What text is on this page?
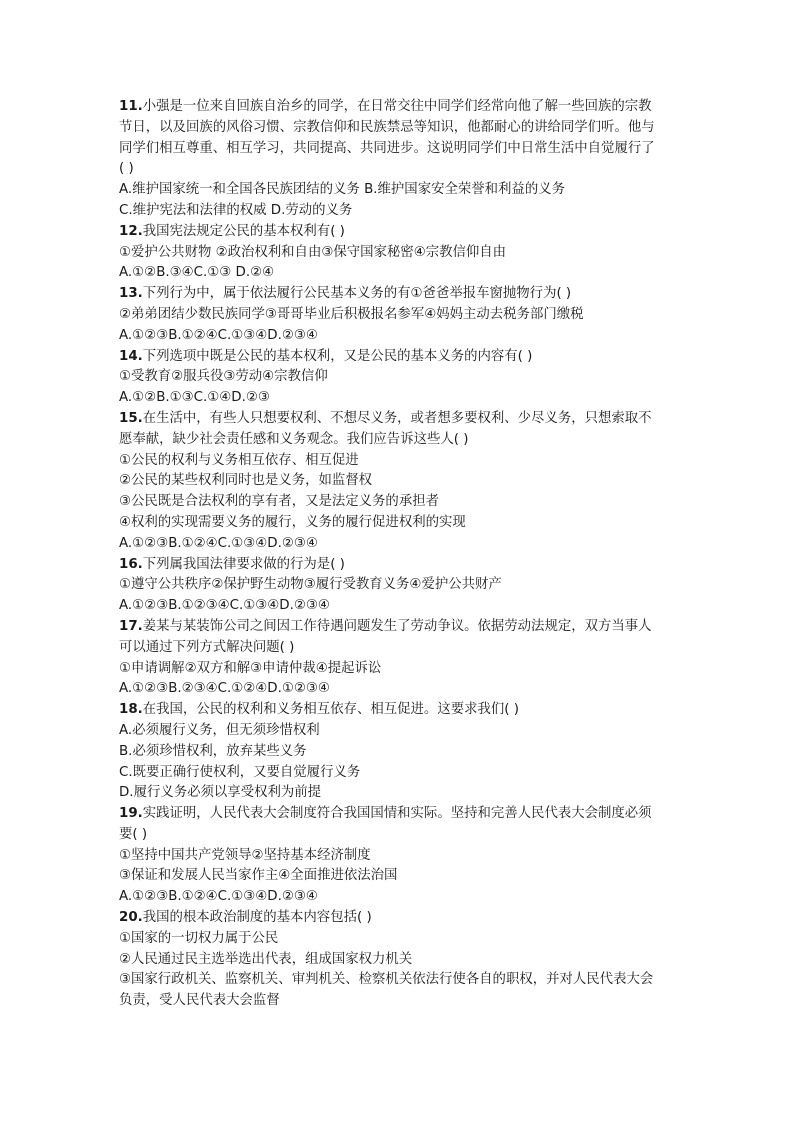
11.小强是一位来自回族自治乡的同学，在日常交往中同学们经常向他了解一些回族的宗教
节日，以及回族的风俗习惯、宗教信仰和民族禁忌等知识，他都耐心的讲给同学们听。他与
同学们相互尊重、相互学习，共同提高、共同进步。这说明同学们中日常生活中自觉履行了
( )
A.维护国家统一和全国各民族团结的义务 B.维护国家安全荣誉和利益的义务
C.维护宪法和法律的权威 D.劳动的义务
12.我国宪法规定公民的基本权利有( )
①爱护公共财物 ②政治权利和自由③保守国家秘密④宗教信仰自由
A.①②B.③④C.①③ D.②④
13.下列行为中，属于依法履行公民基本义务的有①爸爸举报车窗抛物行为( )
②弟弟团结少数民族同学③哥哥毕业后积极报名参军④妈妈主动去税务部门缴税
A.①②③B.①②④C.①③④D.②③④
14.下列选项中既是公民的基本权利，又是公民的基本义务的内容有( )
①受教育②服兵役③劳动④宗教信仰
A.①②B.①③C.①④D.②③
15.在生活中，有些人只想要权利、不想尽义务，或者想多要权利、少尽义务，只想索取不
愿奉献，缺少社会责任感和义务观念。我们应告诉这些人( )
①公民的权利与义务相互依存、相互促进
②公民的某些权利同时也是义务，如监督权
③公民既是合法权利的享有者，又是法定义务的承担者
④权利的实现需要义务的履行，义务的履行促进权利的实现
A.①②③B.①②④C.①③④D.②③④
16.下列属我国法律要求做的行为是( )
①遵守公共秩序②保护野生动物③履行受教育义务④爱护公共财产
A.①②③B.①②③④C.①③④D.②③④
17.姜某与某装饰公司之间因工作待遇问题发生了劳动争议。依据劳动法规定，双方当事人
可以通过下列方式解决问题( )
①申请调解②双方和解③申请仲裁④提起诉讼
A.①②③B.②③④C.①②④D.①②③④
18.在我国，公民的权利和义务相互依存、相互促进。这要求我们( )
A.必须履行义务，但无须珍惜权利
B.必须珍惜权利，放弃某些义务
C.既要正确行使权利，又要自觉履行义务
D.履行义务必须以享受权利为前提
19.实践证明，人民代表大会制度符合我国国情和实际。坚持和完善人民代表大会制度必须
要( )
①坚持中国共产党领导②坚持基本经济制度
③保证和发展人民当家作主④全面推进依法治国
A.①②③B.①②④C.①③④D.②③④
20.我国的根本政治制度的基本内容包括( )
①国家的一切权力属于公民
②人民通过民主选举选出代表，组成国家权力机关
③国家行政机关、监察机关、审判机关、检察机关依法行使各自的职权，并对人民代表大会
负责，受人民代表大会监督
